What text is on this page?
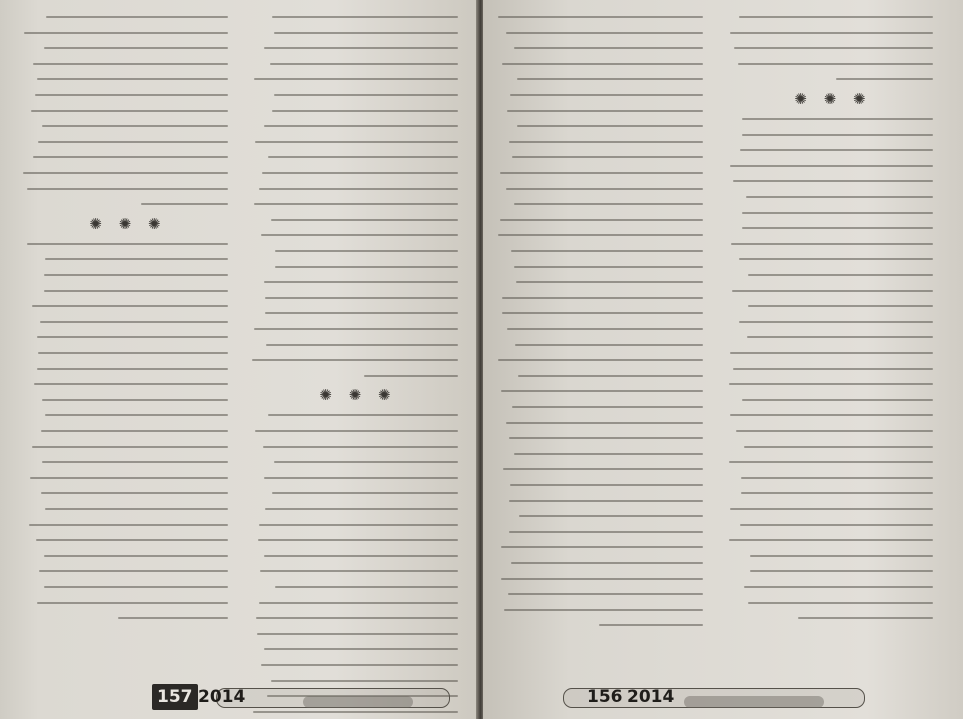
✺ ✺ ✺
✺ ✺ ✺
157 2014
✺ ✺ ✺
156 2014
